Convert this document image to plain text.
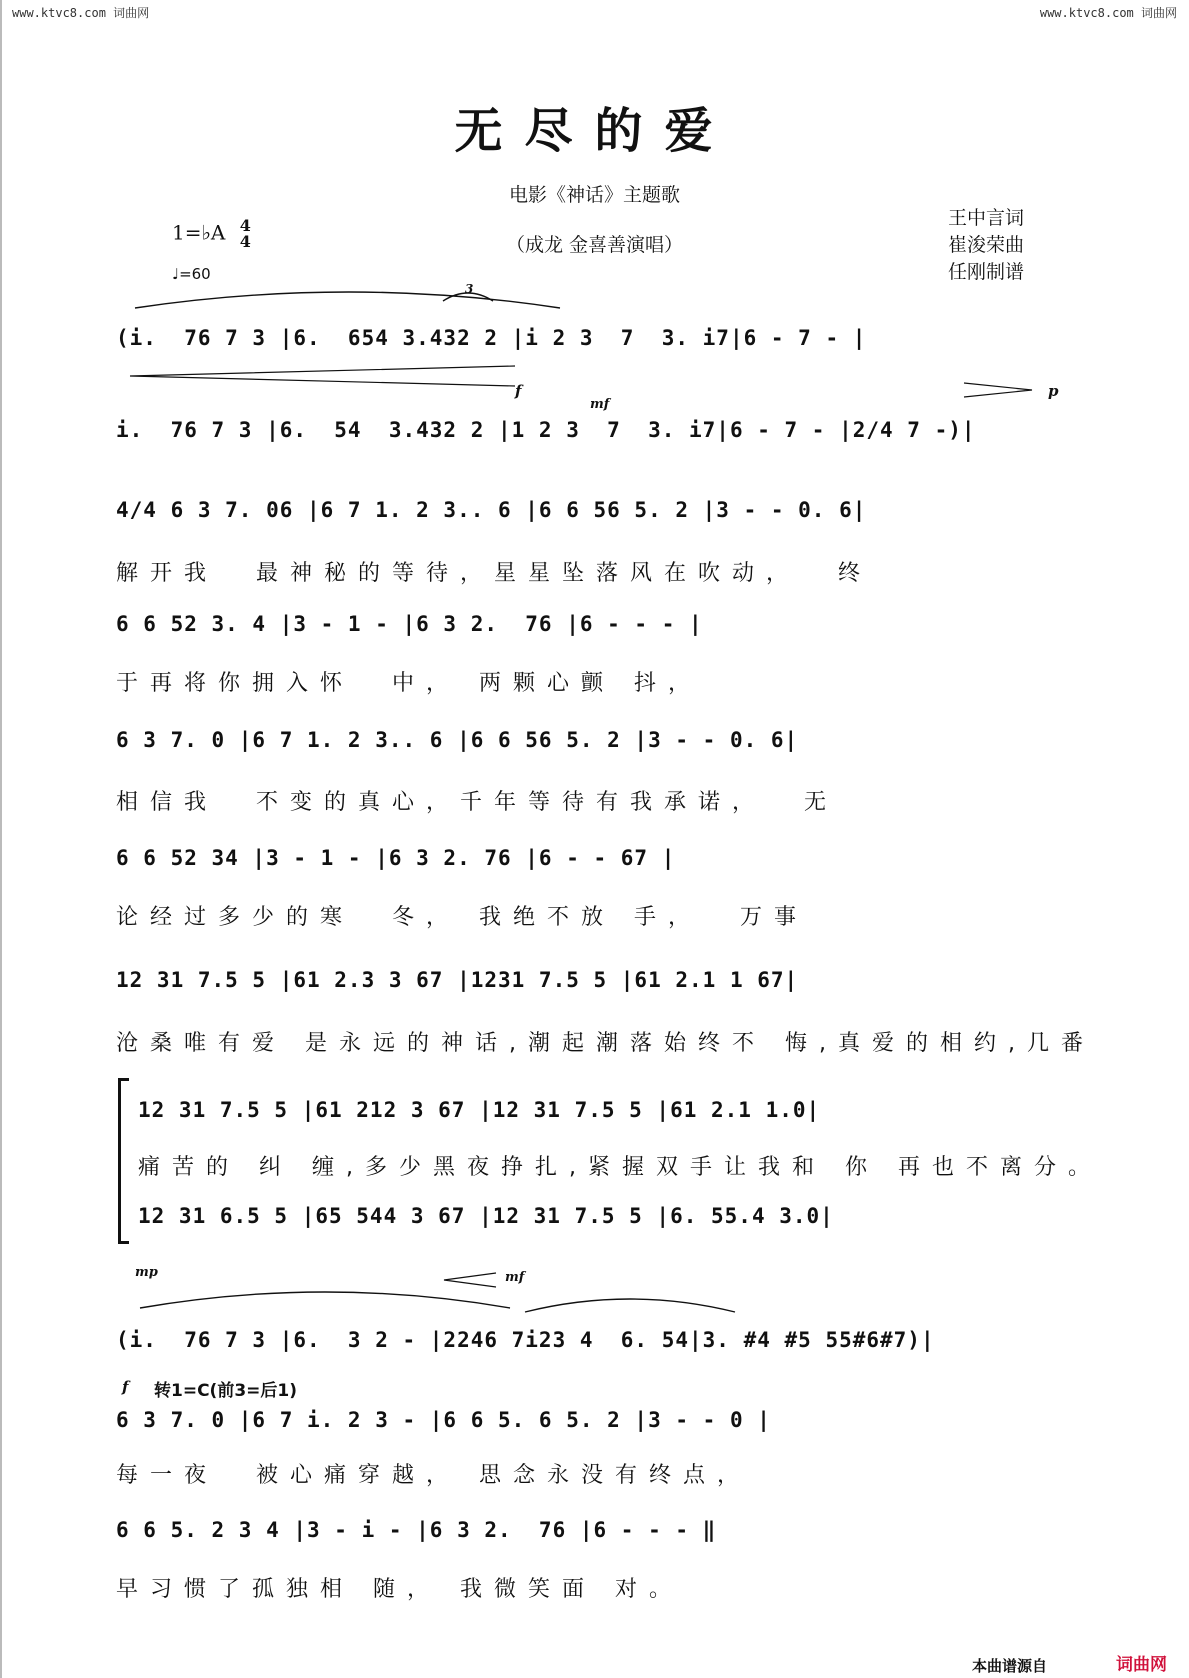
www.ktvc8.com 词曲网	www.ktvc8.com 词曲网
无尽的爱
电影《神话》主题歌
（成龙 金喜善演唱）
1=♭A 4
4
♩=60
王中言词
崔浚荣曲
任刚制谱
3
(i.  76 7 3 |6.  654 3.432 2 |i 2 3  7  3. i7|6 - 7 - |
f
mf
p
i.  76 7 3 |6.  54  3.432 2 |1 2 3  7  3. i7|6 - 7 - |2/4 7 -)|
4/4 6 3 7. 06 |6 7 1. 2 3.. 6 |6 6 56 5. 2 |3 - - 0. 6|
解开我  最神秘的等待，星星坠落风在吹动，  终
6 6 52 3. 4 |3 - 1 - |6 3 2.  76 |6 - - - |
于再将你拥入怀  中， 两颗心颤 抖，
6 3 7. 0 |6 7 1. 2 3.. 6 |6 6 56 5. 2 |3 - - 0. 6|
相信我  不变的真心，千年等待有我承诺，  无
6 6 52 34 |3 - 1 - |6 3 2. 76 |6 - - 67 |
论经过多少的寒  冬， 我绝不放 手，  万事
12 31 7.5 5 |61 2.3 3 67 |1231 7.5 5 |61 2.1 1 67|
沧桑唯有爱 是永远的神话,潮起潮落始终不 悔,真爱的相约,几番
12 31 7.5 5 |61 212 3 67 |12 31 7.5 5 |61 2.1 1.0|
痛苦的 纠 缠,多少黑夜挣扎,紧握双手让我和 你 再也不离分。
12 31 6.5 5 |65 544 3 67 |12 31 7.5 5 |6. 55.4 3.0|
mp	mf
(i.  76 7 3 |6.  3 2 - |2246 7i23 4  6. 54|3. #4 #5 55#6#7)|
f 转1=C(前3=后1)
6 3 7. 0 |6 7 i. 2 3 - |6 6 5. 6 5. 2 |3 - - 0 |
每一夜  被心痛穿越， 思念永没有终点，
6 6 5. 2 3 4 |3 - i - |6 3 2.  76 |6 - - - ‖
早习惯了孤独相 随， 我微笑面 对。
本曲谱源自	词曲网
